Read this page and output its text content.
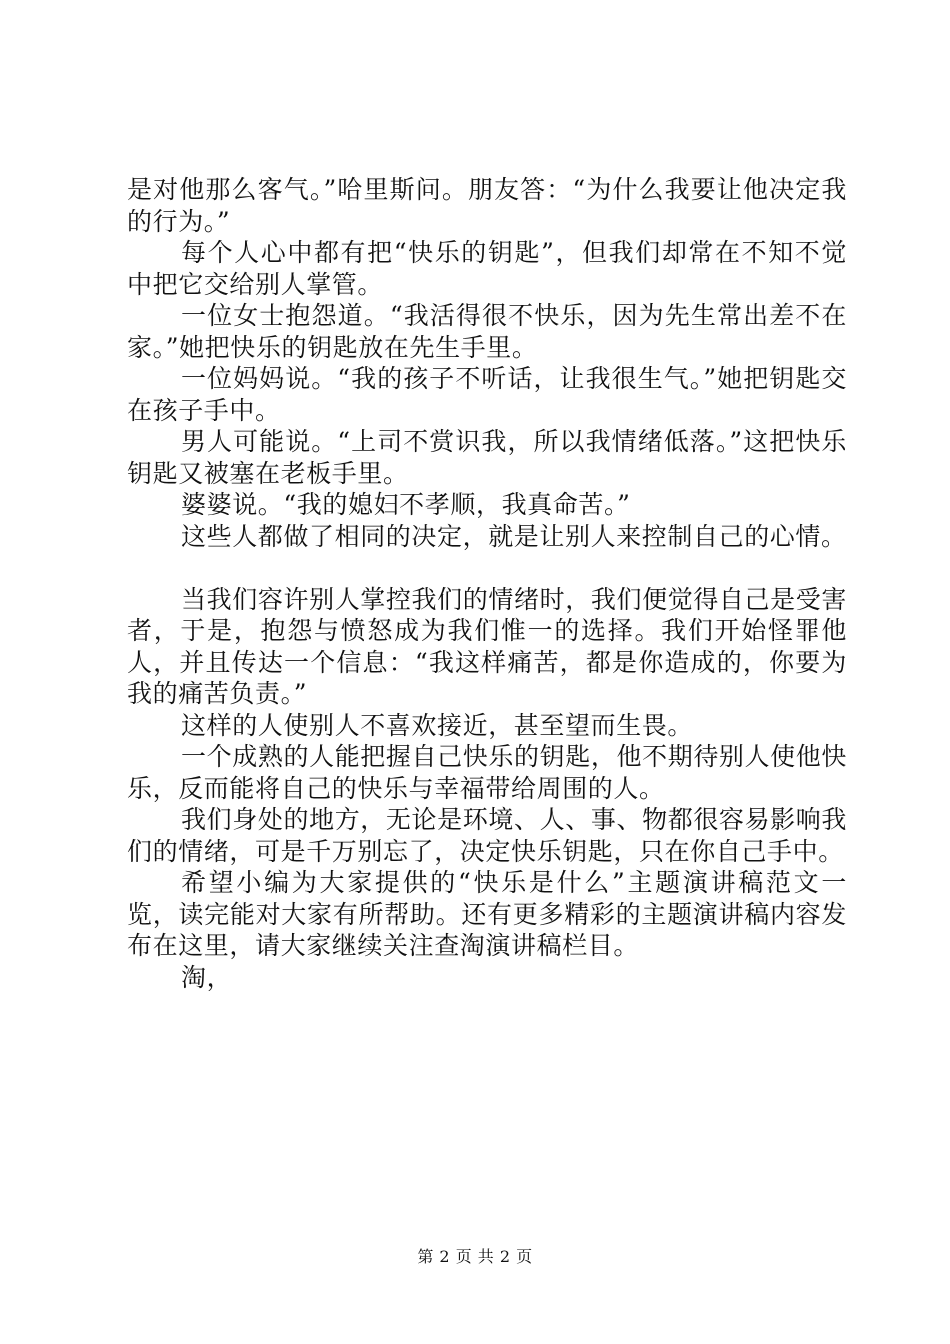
是对他那么客气。”哈里斯问。朋友答：“为什么我要让他决定我的行为。”

每个人心中都有把“快乐的钥匙”，但我们却常在不知不觉中把它交给别人掌管。

一位女士抱怨道。“我活得很不快乐，因为先生常出差不在家。”她把快乐的钥匙放在先生手里。

一位妈妈说。“我的孩子不听话，让我很生气。”她把钥匙交在孩子手中。

男人可能说。“上司不赏识我，所以我情绪低落。”这把快乐钥匙又被塞在老板手里。

婆婆说。“我的媳妇不孝顺，我真命苦。”

这些人都做了相同的决定，就是让别人来控制自己的心情。

当我们容许别人掌控我们的情绪时，我们便觉得自己是受害者，于是，抱怨与愤怒成为我们惟一的选择。我们开始怪罪他人，并且传达一个信息：“我这样痛苦，都是你造成的，你要为我的痛苦负责。”

这样的人使别人不喜欢接近，甚至望而生畏。

一个成熟的人能把握自己快乐的钥匙，他不期待别人使他快乐，反而能将自己的快乐与幸福带给周围的人。

我们身处的地方，无论是环境、人、事、物都很容易影响我们的情绪，可是千万别忘了，决定快乐钥匙，只在你自己手中。

希望小编为大家提供的“快乐是什么”主题演讲稿范文一览，读完能对大家有所帮助。还有更多精彩的主题演讲稿内容发布在这里，请大家继续关注查淘演讲稿栏目。

淘，

第 2 页 共 2 页
